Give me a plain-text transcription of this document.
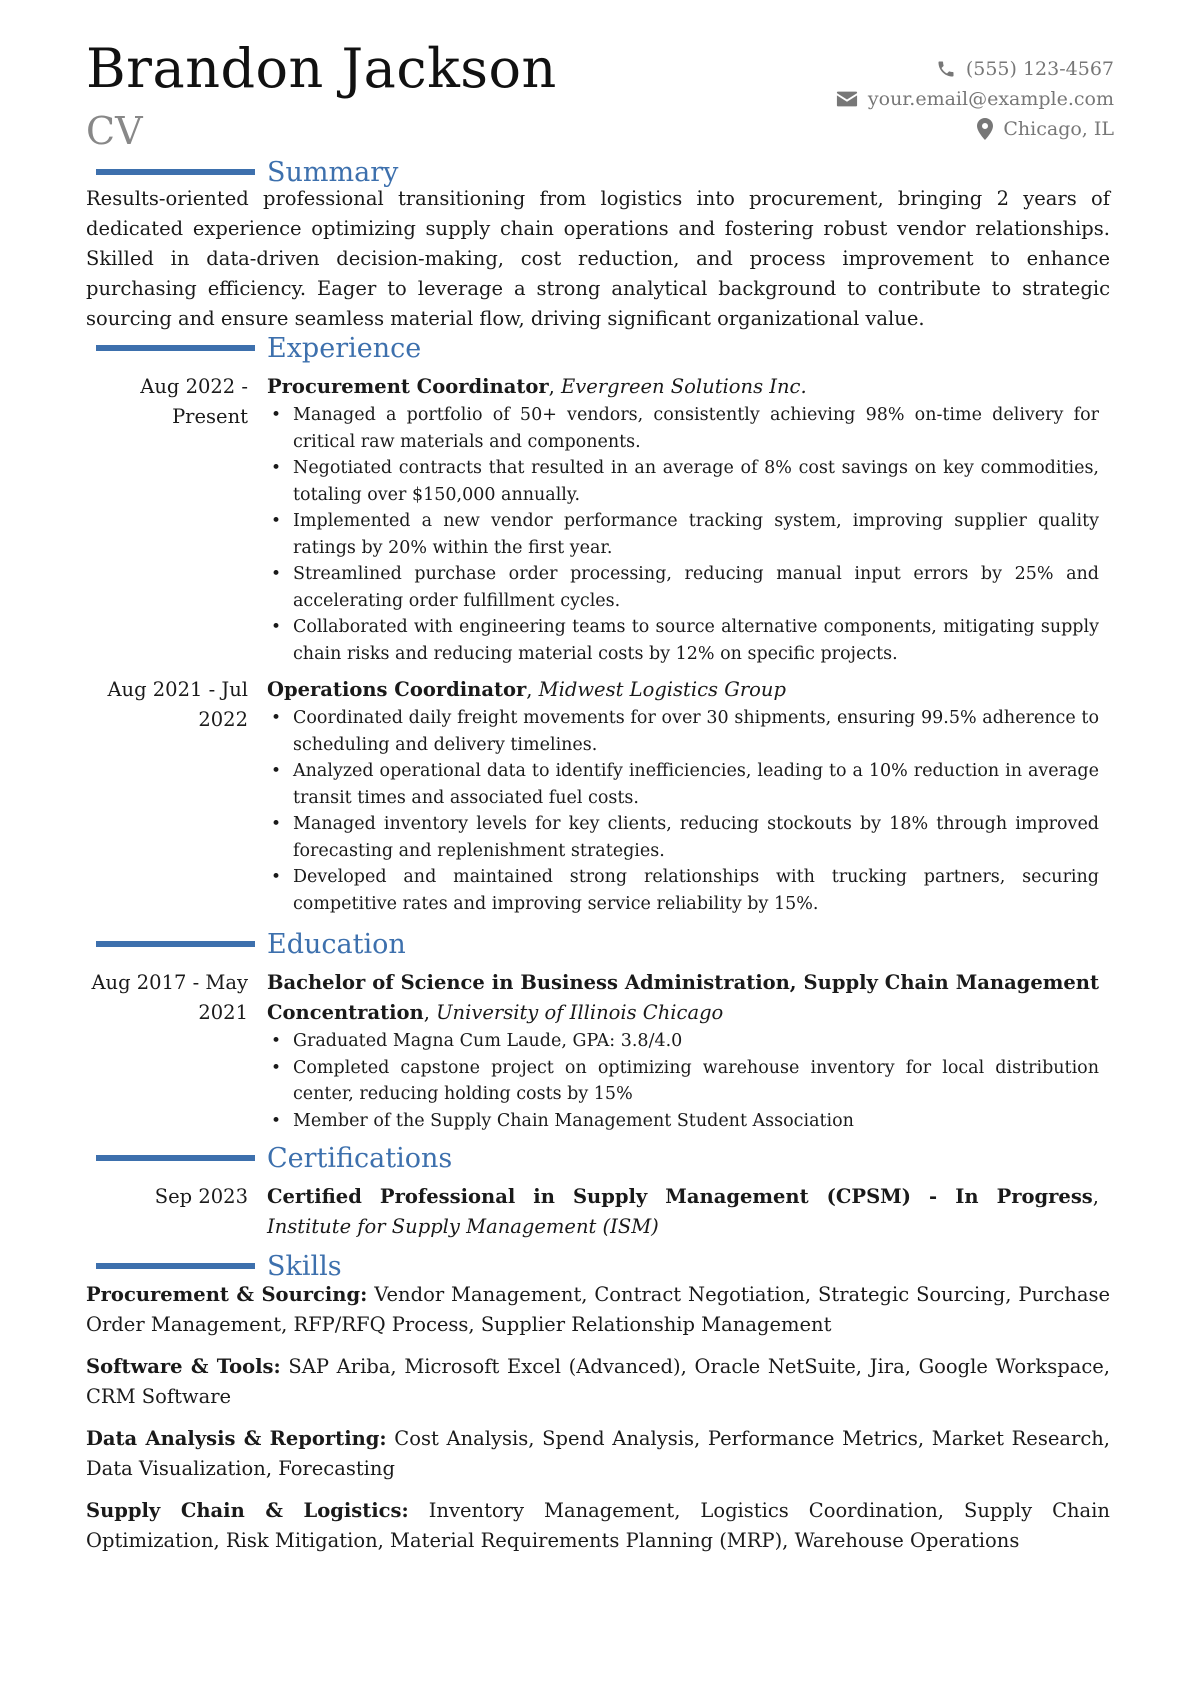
Brandon Jackson
CV
(555) 123-4567
your.email@example.com
Chicago, IL
Summary

Results-oriented professional transitioning from logistics into procurement, bringing 2 years of dedicated experience optimizing supply chain operations and fostering robust vendor relationships. Skilled in data-driven decision-making, cost reduction, and process improvement to enhance purchasing efficiency. Eager to leverage a strong analytical background to contribute to strategic sourcing and ensure seamless material flow, driving significant organizational value.

Experience
Aug 2022 - Present

Procurement Coordinator, Evergreen Solutions Inc.

• Managed a portfolio of 50+ vendors, consistently achieving 98% on-time delivery for critical raw materials and components.
• Negotiated contracts that resulted in an average of 8% cost savings on key commodities, totaling over $150,000 annually.
• Implemented a new vendor performance tracking system, improving supplier quality ratings by 20% within the first year.
• Streamlined purchase order processing, reducing manual input errors by 25% and accelerating order fulfillment cycles.
• Collaborated with engineering teams to source alternative components, mitigating supply chain risks and reducing material costs by 12% on specific projects.
Aug 2021 - Jul 2022

Operations Coordinator, Midwest Logistics Group

• Coordinated daily freight movements for over 30 shipments, ensuring 99.5% adherence to scheduling and delivery timelines.
• Analyzed operational data to identify inefficiencies, leading to a 10% reduction in average transit times and associated fuel costs.
• Managed inventory levels for key clients, reducing stockouts by 18% through improved forecasting and replenishment strategies.
• Developed and maintained strong relationships with trucking partners, securing competitive rates and improving service reliability by 15%.
Education
Aug 2017 - May 2021

Bachelor of Science in Business Administration, Supply Chain Management Concentration, University of Illinois Chicago

• Graduated Magna Cum Laude, GPA: 3.8/4.0
• Completed capstone project on optimizing warehouse inventory for local distribution center, reducing holding costs by 15%
• Member of the Supply Chain Management Student Association
Certifications
Sep 2023 Certified Professional in Supply Management (CPSM) - In Progress, Institute for Supply Management (ISM)

Skills

Procurement & Sourcing: Vendor Management, Contract Negotiation, Strategic Sourcing, Purchase Order Management, RFP/RFQ Process, Supplier Relationship Management

Software & Tools: SAP Ariba, Microsoft Excel (Advanced), Oracle NetSuite, Jira, Google Workspace, CRM Software

Data Analysis & Reporting: Cost Analysis, Spend Analysis, Performance Metrics, Market Research, Data Visualization, Forecasting

Supply Chain & Logistics: Inventory Management, Logistics Coordination, Supply Chain Optimization, Risk Mitigation, Material Requirements Planning (MRP), Warehouse Operations
